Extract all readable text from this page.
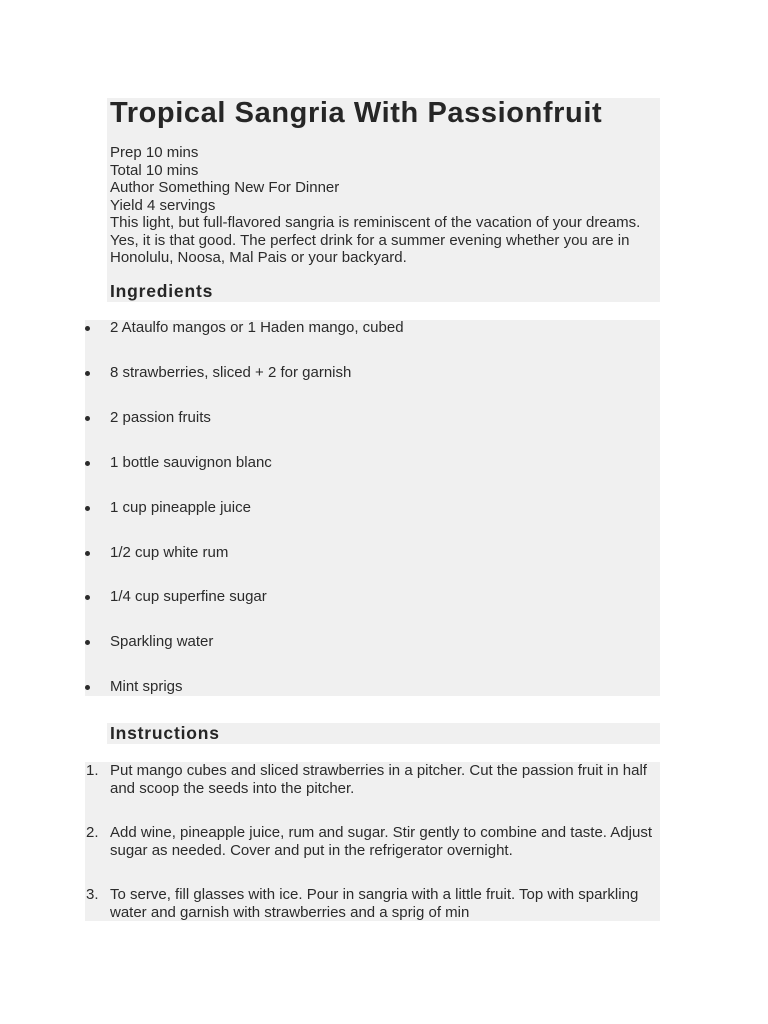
Tropical Sangria With Passionfruit

Prep 10 mins

Total 10 mins

Author Something New For Dinner

Yield 4 servings

This light, but full-flavored sangria is reminiscent of the vacation of your dreams. Yes, it is that good. The perfect drink for a summer evening whether you are in Honolulu, Noosa, Mal Pais or your backyard.

Ingredients
2 Ataulfo mangos or 1 Haden mango, cubed
8 strawberries, sliced + 2 for garnish
2 passion fruits
1 bottle sauvignon blanc
1 cup pineapple juice
1/2 cup white rum
1/4 cup superfine sugar
Sparkling water
Mint sprigs
Instructions
1. Put mango cubes and sliced strawberries in a pitcher. Cut the passion fruit in half and scoop the seeds into the pitcher.
2. Add wine, pineapple juice, rum and sugar. Stir gently to combine and taste. Adjust sugar as needed. Cover and put in the refrigerator overnight.
3. To serve, fill glasses with ice. Pour in sangria with a little fruit. Top with sparkling water and garnish with strawberries and a sprig of min
